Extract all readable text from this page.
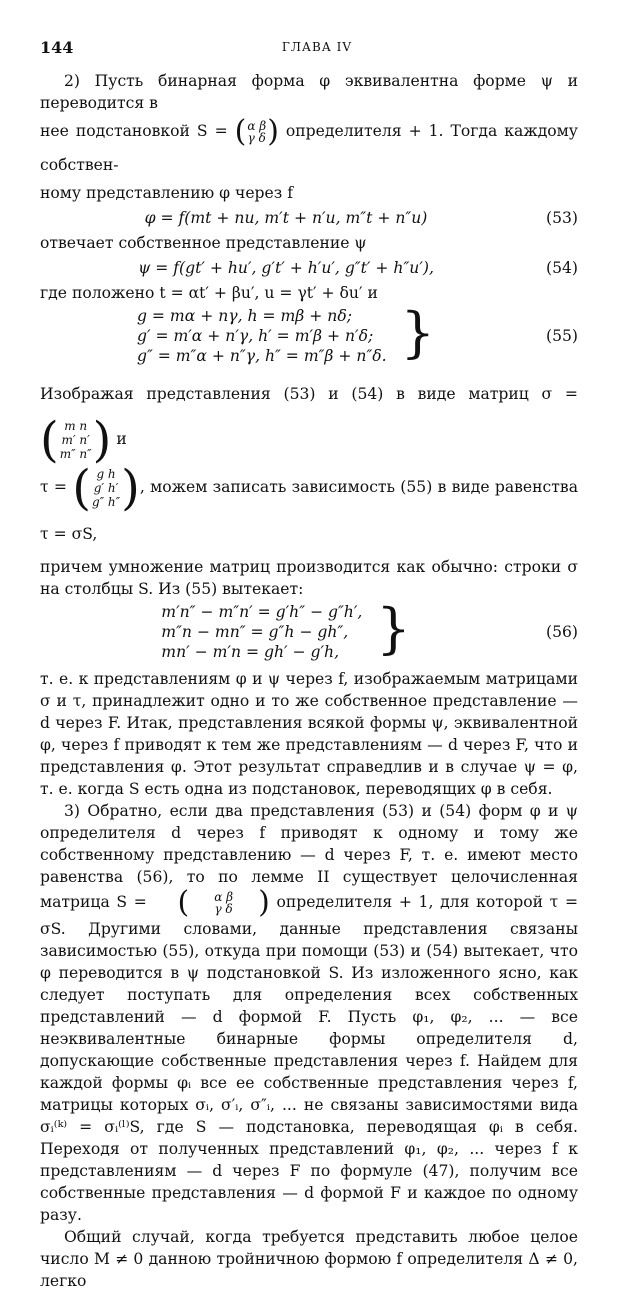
144	ГЛАВА IV

2) Пусть бинарная форма φ эквивалентна форме ψ и переводится в

нее подстановкой S = ( α β
γ δ ) определителя + 1. Тогда каждому собствен-

ному представлению φ через f

φ = f(mt + nu, m′t + n′u, m″t + n″u)	(53)

отвечает собственное представление ψ

ψ = f(gt′ + hu′, g′t′ + h′u′, g″t′ + h″u′),	(54)

где положено t = αt′ + βu′, u = γt′ + δu′ и

g = mα + nγ, h = mβ + nδ;
g′ = m′α + n′γ, h′ = m′β + n′δ;
g″ = m″α + n″γ, h″ = m″β + n″δ. }	(55)

Изображая представления (53) и (54) в виде матриц σ =
( m n
m′ n′
m″ n″ ) и

τ = ( g h
g′ h′
g″ h″ ) , можем записать зависимость (55) в виде равенства τ = σS,

причем умножение матриц производится как обычно: строки σ на столбцы S. Из (55) вытекает:

m′n″ − m″n′ = g′h″ − g″h′,
m″n − mn″ = g″h − gh″,
mn′ − m′n = gh′ − g′h, }	(56)

т. е. к представлениям φ и ψ через f, изображаемым матрицами σ и τ, принадлежит одно и то же собственное представление — d через F. Итак, представления всякой формы ψ, эквивалентной φ, через f приводят к тем же представлениям — d через F, что и представления φ. Этот результат справедлив и в случае ψ = φ, т. е. когда S есть одна из подстановок, переводящих φ в себя.

3) Обратно, если два представления (53) и (54) форм φ и ψ определителя d через f приводят к одному и тому же собственному представлению — d через F, т. е. имеют место равенства (56), то по лемме II существует целочисленная матрица S = (	α β
γ δ ) определителя + 1, для которой τ = σS. Другими словами, данные представления связаны зависимостью (55), откуда при помощи (53) и (54) вытекает, что φ переводится в ψ подстановкой S. Из изложенного ясно, как следует поступать для определения всех собственных представлений — d формой F. Пусть φ₁, φ₂, ... — все неэквивалентные бинарные формы определителя d, допускающие собственные представления через f. Найдем для каждой формы φᵢ все ее собственные представления через f, матрицы которых σᵢ, σ′ᵢ, σ″ᵢ, ... не связаны зависимостями вида σᵢ⁽ᵏ⁾ = σᵢ⁽ˡ⁾S, где S — подстановка, переводящая φᵢ в себя. Переходя от полученных представлений φ₁, φ₂, ... через f к представлениям — d через F по формуле (47), получим все собственные представления — d формой F и каждое по одному разу.

Общий случай, когда требуется представить любое целое число M ≠ 0 данною тройничною формою f определителя Δ ≠ 0, легко
